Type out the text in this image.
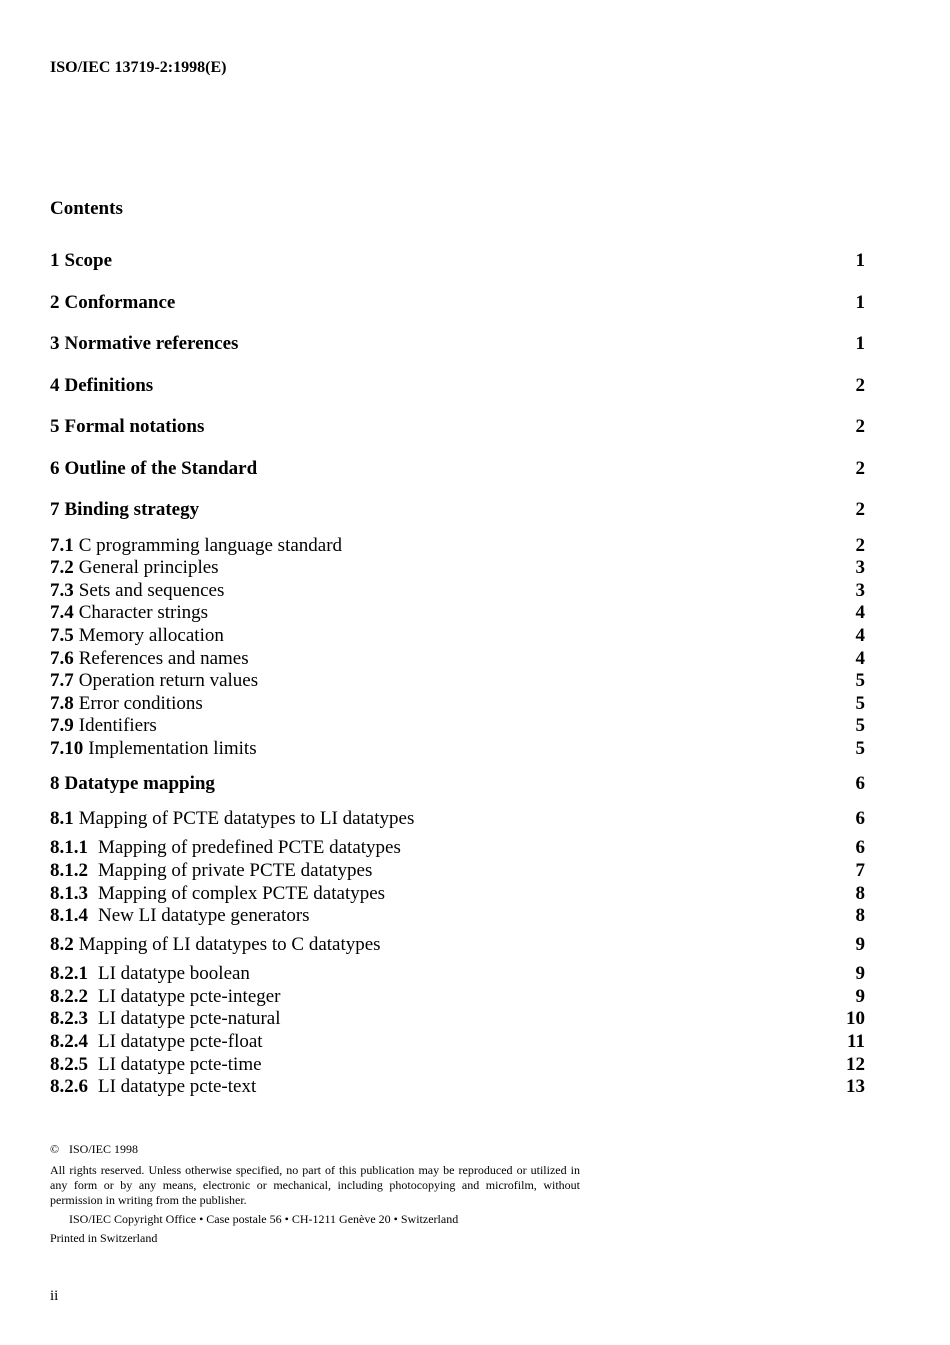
ISO/IEC 13719-2:1998(E)
Contents
1 Scope	1
2 Conformance	1
3 Normative references	1
4 Definitions	2
5 Formal notations	2
6 Outline of the Standard	2
7 Binding strategy	2
7.1 C programming language standard	2
7.2 General principles	3
7.3 Sets and sequences	3
7.4 Character strings	4
7.5 Memory allocation	4
7.6 References and names	4
7.7 Operation return values	5
7.8 Error conditions	5
7.9 Identifiers	5
7.10 Implementation limits	5
8 Datatype mapping	6
8.1 Mapping of PCTE datatypes to LI datatypes	6
8.1.1 Mapping of predefined PCTE datatypes	6
8.1.2 Mapping of private PCTE datatypes	7
8.1.3 Mapping of complex PCTE datatypes	8
8.1.4 New LI datatype generators	8
8.2 Mapping of LI datatypes to C datatypes	9
8.2.1 LI datatype boolean	9
8.2.2 LI datatype pcte-integer	9
8.2.3 LI datatype pcte-natural	10
8.2.4 LI datatype pcte-float	11
8.2.5 LI datatype pcte-time	12
8.2.6 LI datatype pcte-text	13
© ISO/IEC 1998
All rights reserved. Unless otherwise specified, no part of this publication may be reproduced or utilized in any form or by any means, electronic or mechanical, including photocopying and microfilm, without permission in writing from the publisher.
ISO/IEC Copyright Office • Case postale 56 • CH-1211 Genève 20 • Switzerland
Printed in Switzerland
ii
